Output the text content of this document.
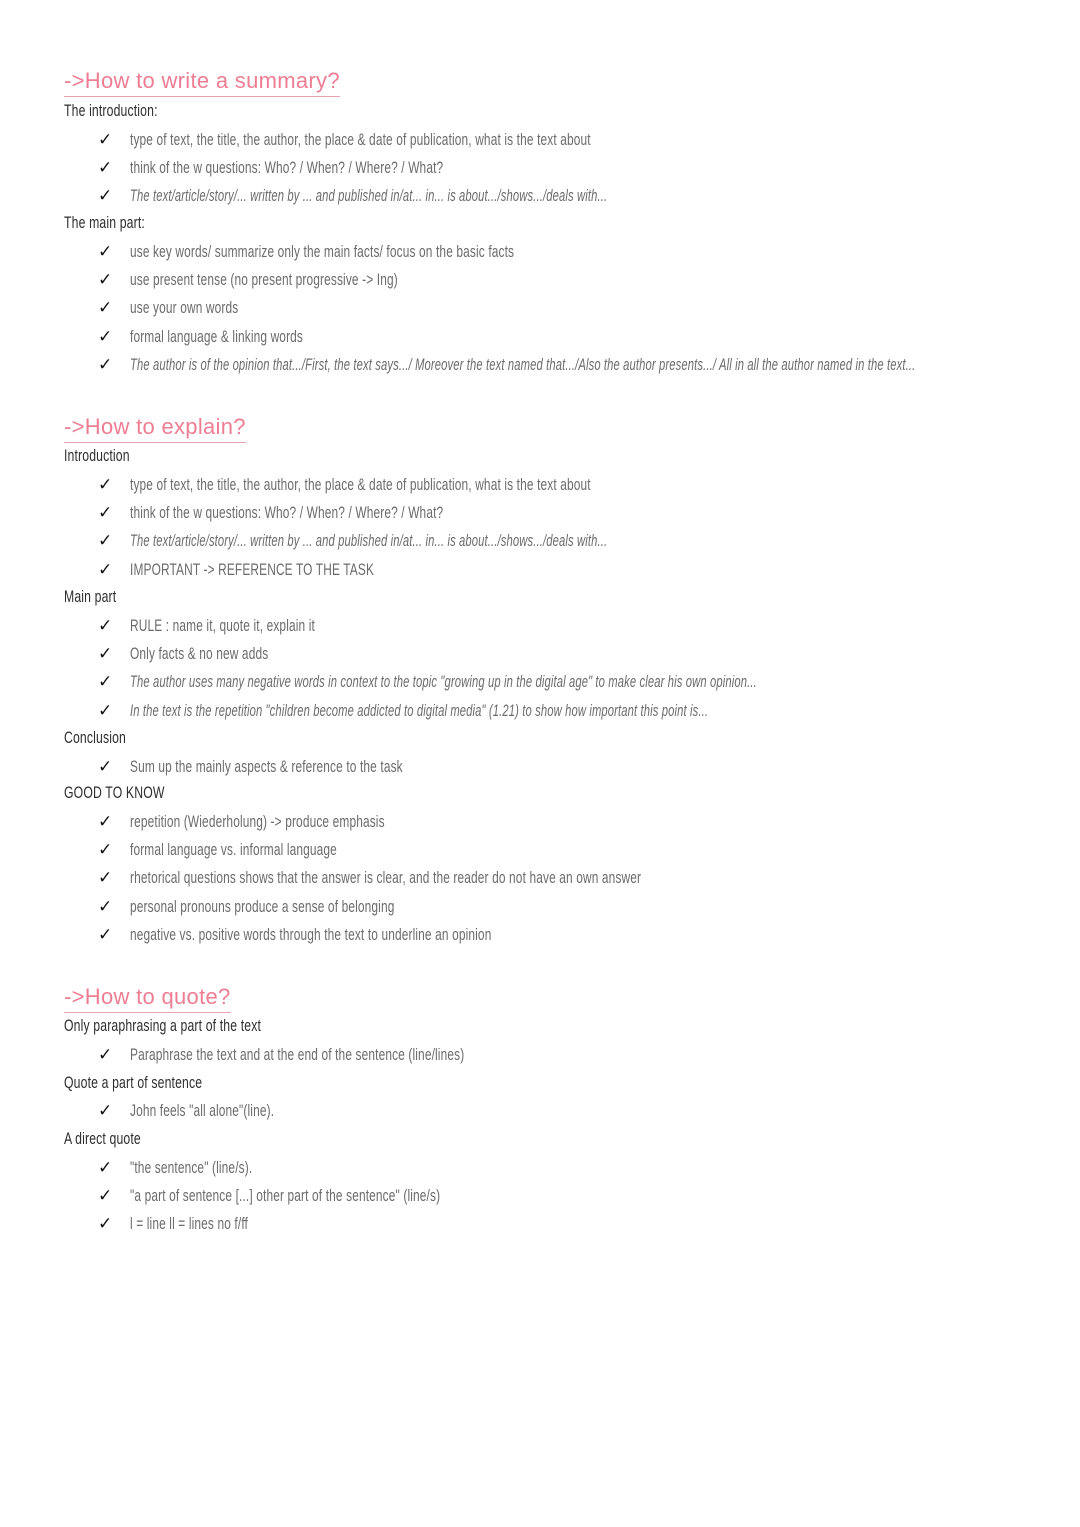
->How to write a summary?
The introduction:
✓ type of text, the title, the author, the place & date of publication, what is the text about
✓ think of the w questions: Who? / When? / Where? / What?
✓ The text/article/story/... written by ... and published in/at... in... is about.../shows.../deals with...
The main part:
✓ use key words/ summarize only the main facts/ focus on the basic facts
✓ use present tense (no present progressive -> Ing)
✓ use your own words
✓ formal language & linking words
✓ The author is of the opinion that.../First, the text says.../ Moreover the text named that.../Also the author presents.../ All in all the author named in the text...
->How to explain?
Introduction
✓ type of text, the title, the author, the place & date of publication, what is the text about
✓ think of the w questions: Who? / When? / Where? / What?
✓ The text/article/story/... written by ... and published in/at... in... is about.../shows.../deals with...
✓ IMPORTANT -> REFERENCE TO THE TASK
Main part
✓ RULE : name it, quote it, explain it
✓ Only facts & no new adds
✓ The author uses many negative words in context to the topic "growing up in the digital age" to make clear his own opinion...
✓ In the text is the repetition "children become addicted to digital media" (1.21) to show how important this point is...
Conclusion
✓ Sum up the mainly aspects & reference to the task
GOOD TO KNOW
✓ repetition (Wiederholung) -> produce emphasis
✓ formal language vs. informal language
✓ rhetorical questions shows that the answer is clear, and the reader do not have an own answer
✓ personal pronouns produce a sense of belonging
✓ negative vs. positive words through the text to underline an opinion
->How to quote?
Only paraphrasing a part of the text
✓ Paraphrase the text and at the end of the sentence (line/lines)
Quote a part of sentence
✓ John feels "all alone"(line).
A direct quote
✓ "the sentence" (line/s).
✓ "a part of sentence [...] other part of the sentence" (line/s)
✓ l = line ll = lines no f/ff
